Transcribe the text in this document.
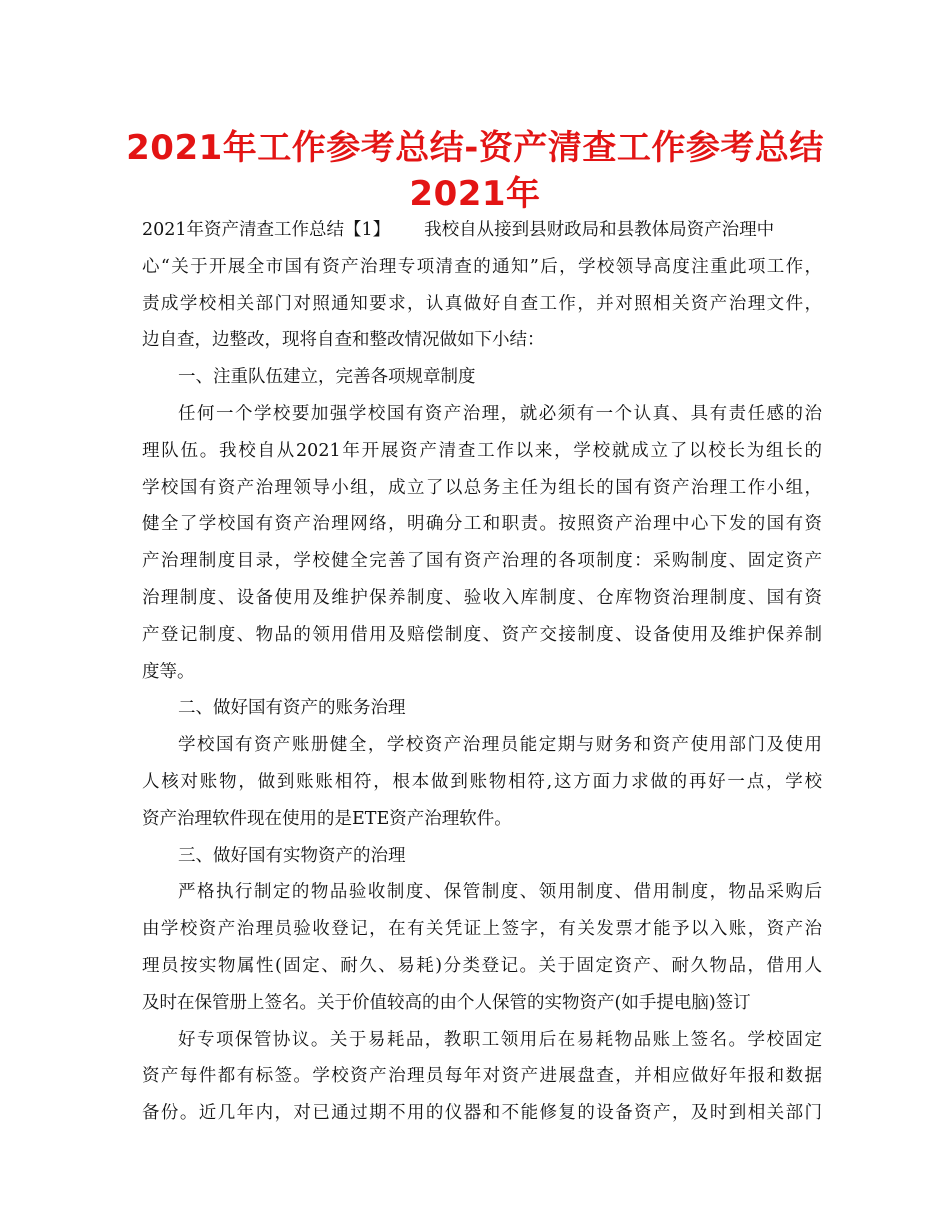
2021年工作参考总结-资产清查工作参考总结
2021年
2021年资产清查工作总结【1】 我校自从接到县财政局和县教体局资产治理中
心“关于开展全市国有资产治理专项清查的通知”后，学校领导高度注重此项工作，
责成学校相关部门对照通知要求，认真做好自查工作，并对照相关资产治理文件，
边自查，边整改，现将自查和整改情况做如下小结：
一、注重队伍建立，完善各项规章制度
任何一个学校要加强学校国有资产治理，就必须有一个认真、具有责任感的治
理队伍。我校自从2021年开展资产清查工作以来，学校就成立了以校长为组长的
学校国有资产治理领导小组，成立了以总务主任为组长的国有资产治理工作小组，
健全了学校国有资产治理网络，明确分工和职责。按照资产治理中心下发的国有资
产治理制度目录，学校健全完善了国有资产治理的各项制度：采购制度、固定资产
治理制度、设备使用及维护保养制度、验收入库制度、仓库物资治理制度、国有资
产登记制度、物品的领用借用及赔偿制度、资产交接制度、设备使用及维护保养制
度等。
二、做好国有资产的账务治理
学校国有资产账册健全，学校资产治理员能定期与财务和资产使用部门及使用
人核对账物，做到账账相符，根本做到账物相符,这方面力求做的再好一点，学校
资产治理软件现在使用的是ETE资产治理软件。
三、做好国有实物资产的治理
严格执行制定的物品验收制度、保管制度、领用制度、借用制度，物品采购后
由学校资产治理员验收登记，在有关凭证上签字，有关发票才能予以入账，资产治
理员按实物属性(固定、耐久、易耗)分类登记。关于固定资产、耐久物品，借用人
及时在保管册上签名。关于价值较高的由个人保管的实物资产(如手提电脑)签订
好专项保管协议。关于易耗品，教职工领用后在易耗物品账上签名。学校固定
资产每件都有标签。学校资产治理员每年对资产进展盘查，并相应做好年报和数据
备份。近几年内，对已通过期不用的仪器和不能修复的设备资产，及时到相关部门
